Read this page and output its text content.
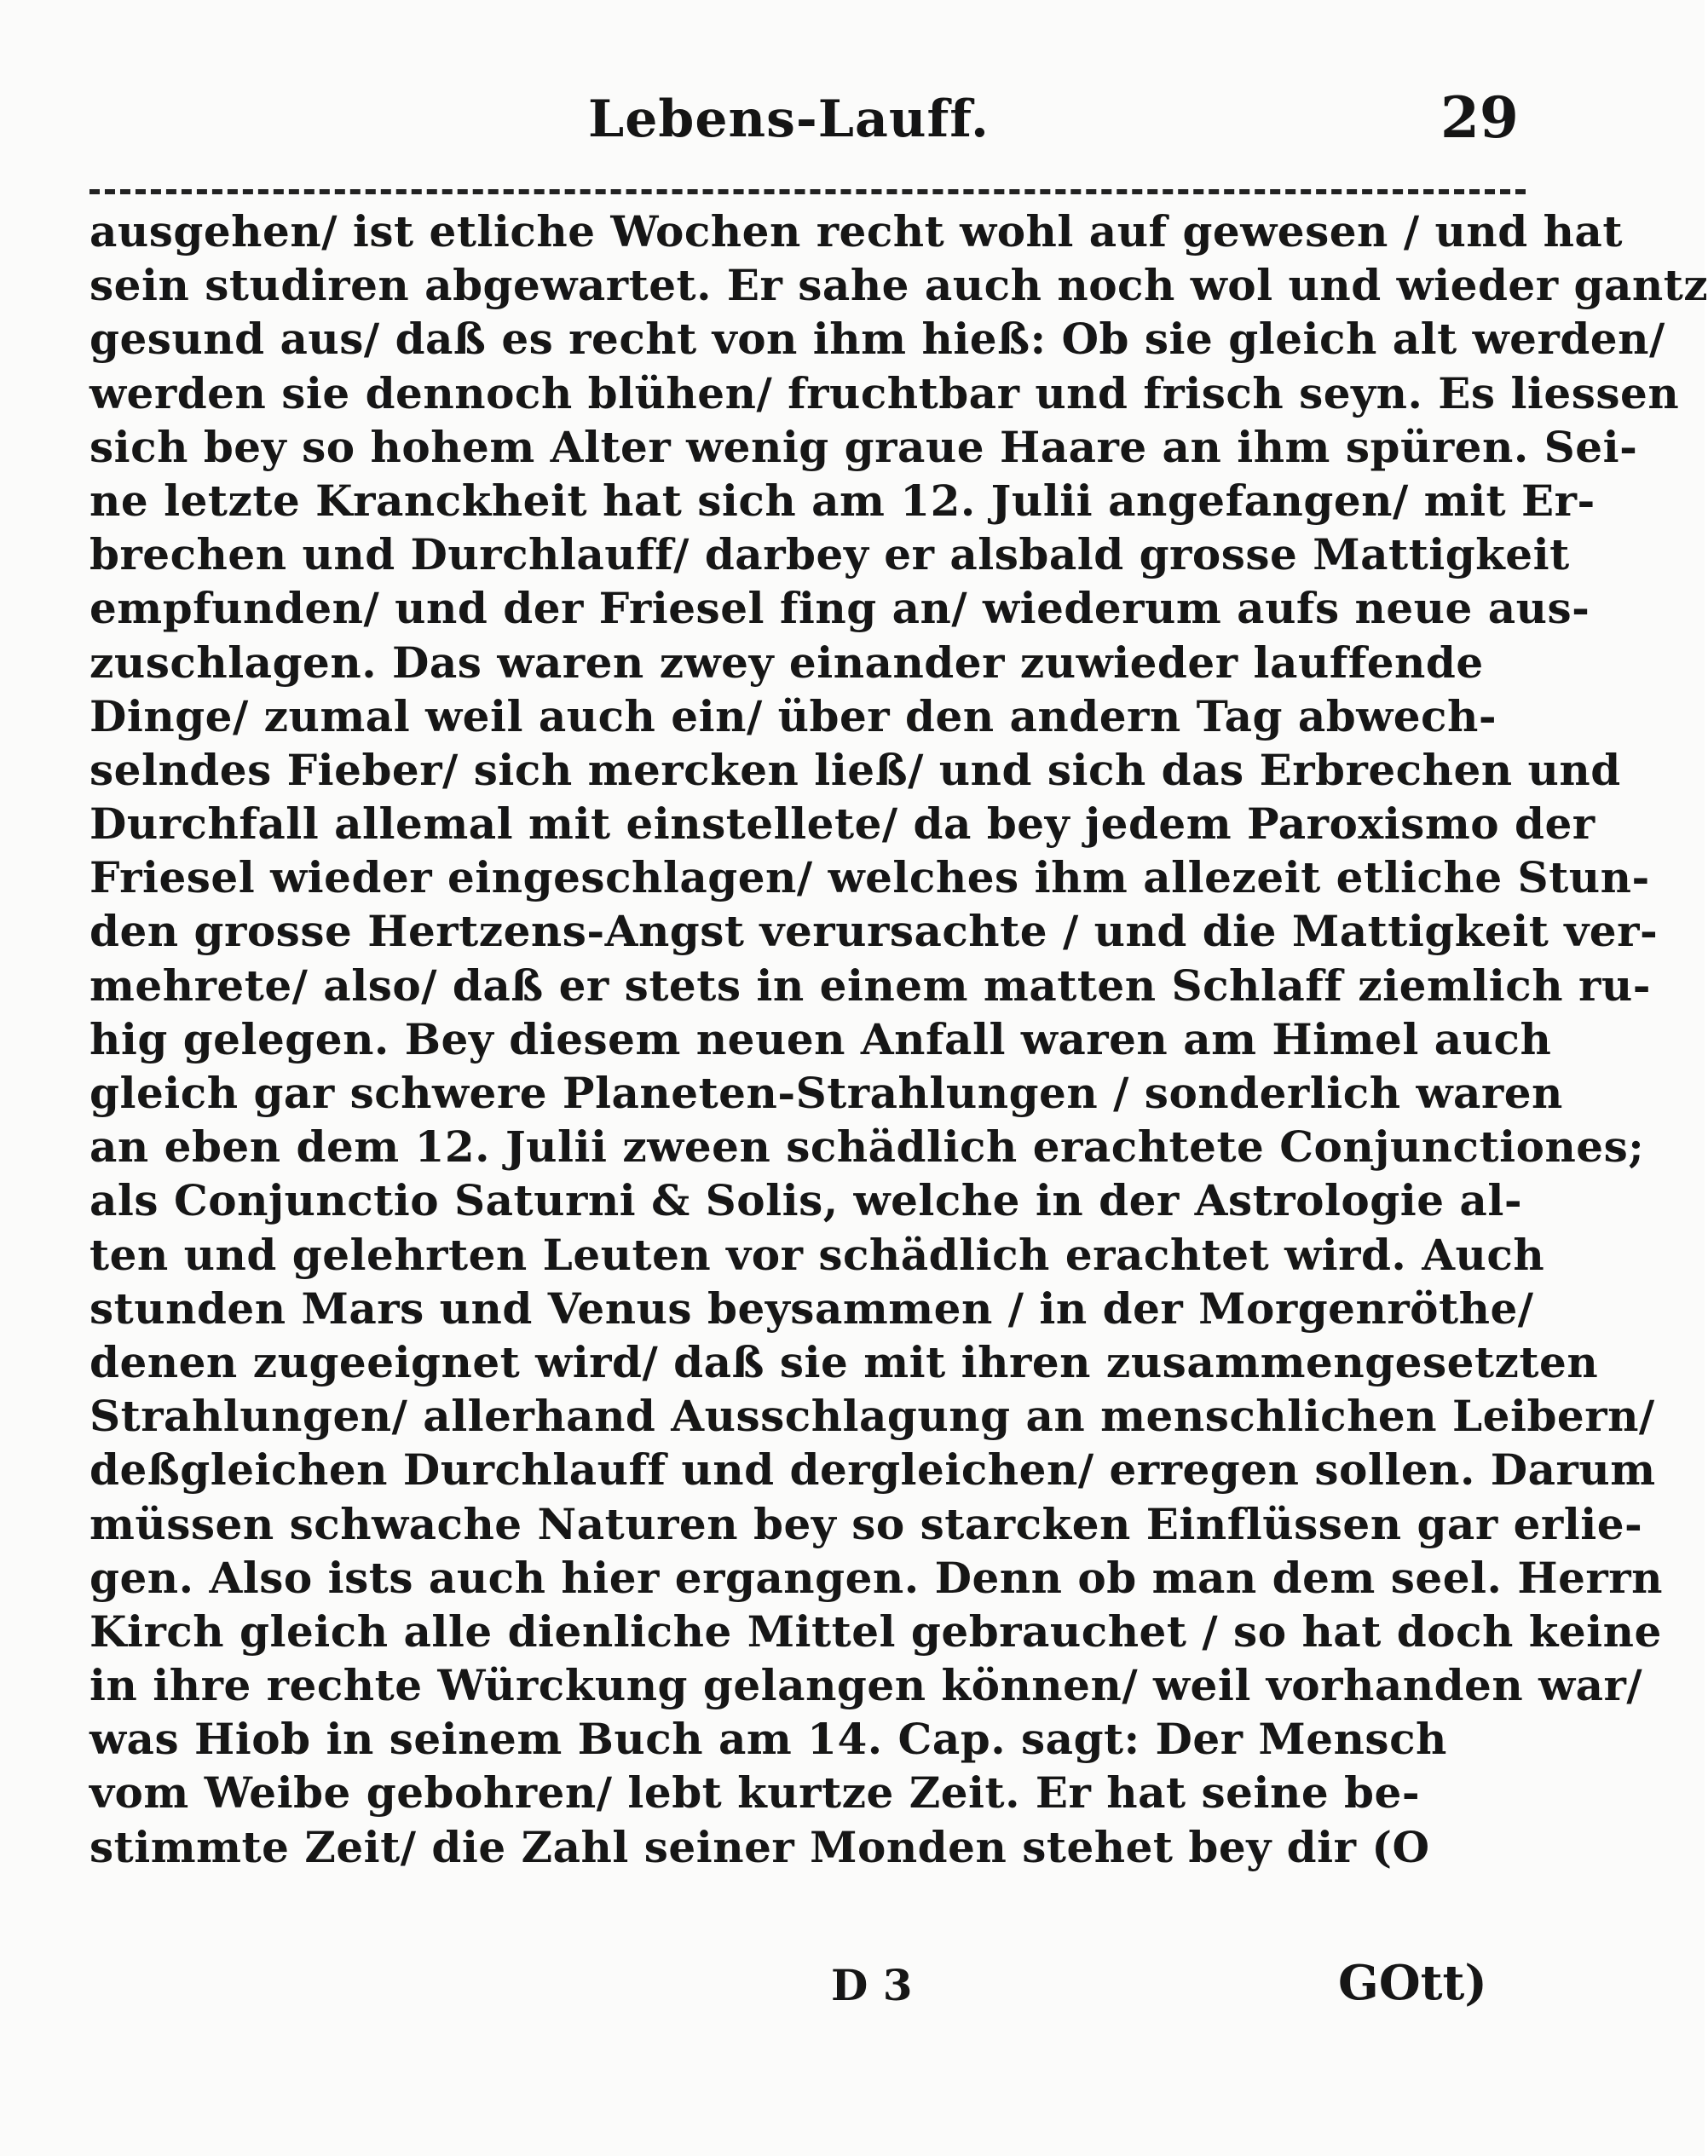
Lebens-Lauff.	29
ausgehen/ ist etliche Wochen recht wohl auf gewesen / und hat
sein studiren abgewartet. Er sahe auch noch wol und wieder gantz
gesund aus/ daß es recht von ihm hieß: Ob sie gleich alt werden/
werden sie dennoch blühen/ fruchtbar und frisch seyn. Es liessen
sich bey so hohem Alter wenig graue Haare an ihm spüren. Sei-
ne letzte Kranckheit hat sich am 12. Julii angefangen/ mit Er-
brechen und Durchlauff/ darbey er alsbald grosse Mattigkeit
empfunden/ und der Friesel fing an/ wiederum aufs neue aus-
zuschlagen. Das waren zwey einander zuwieder lauffende
Dinge/ zumal weil auch ein/ über den andern Tag abwech-
selndes Fieber/ sich mercken ließ/ und sich das Erbrechen und
Durchfall allemal mit einstellete/ da bey jedem Paroxismo der
Friesel wieder eingeschlagen/ welches ihm allezeit etliche Stun-
den grosse Hertzens-Angst verursachte / und die Mattigkeit ver-
mehrete/ also/ daß er stets in einem matten Schlaff ziemlich ru-
hig gelegen. Bey diesem neuen Anfall waren am Himel auch
gleich gar schwere Planeten-Strahlungen / sonderlich waren
an eben dem 12. Julii zween schädlich erachtete Conjunctiones;
als Conjunctio Saturni & Solis, welche in der Astrologie al-
ten und gelehrten Leuten vor schädlich erachtet wird. Auch
stunden Mars und Venus beysammen / in der Morgenröthe/
denen zugeeignet wird/ daß sie mit ihren zusammengesetzten
Strahlungen/ allerhand Ausschlagung an menschlichen Leibern/
deßgleichen Durchlauff und dergleichen/ erregen sollen. Darum
müssen schwache Naturen bey so starcken Einflüssen gar erlie-
gen. Also ists auch hier ergangen. Denn ob man dem seel. Herrn
Kirch gleich alle dienliche Mittel gebrauchet / so hat doch keine
in ihre rechte Würckung gelangen können/ weil vorhanden war/
was Hiob in seinem Buch am 14. Cap. sagt: Der Mensch
vom Weibe gebohren/ lebt kurtze Zeit. Er hat seine be-
stimmte Zeit/ die Zahl seiner Monden stehet bey dir (O
D 3	GOtt)
